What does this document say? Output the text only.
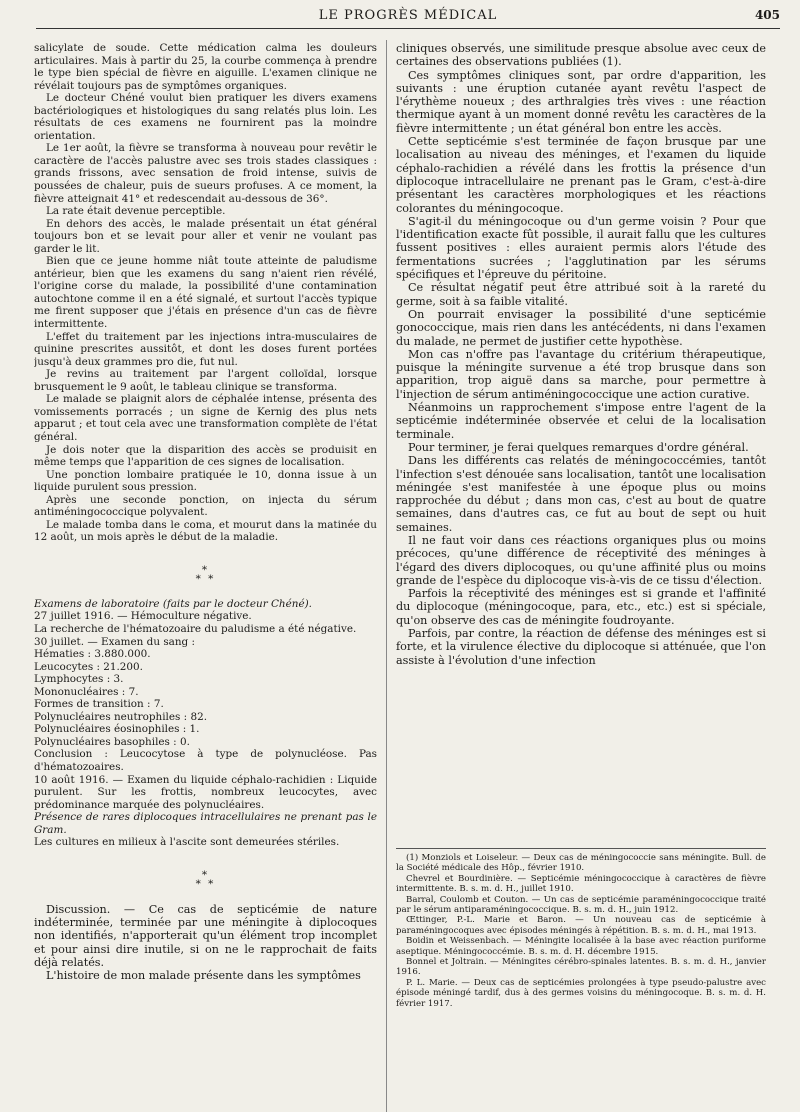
LE PROGRÈS MÉDICAL	405

salicylate de soude. Cette médication calma les douleurs articulaires. Mais à partir du 25, la courbe commença à prendre le type bien spécial de fièvre en aiguille. L'examen clinique ne révélait toujours pas de symptômes organiques.

Le docteur Chéné voulut bien pratiquer les divers examens bactériologiques et histologiques du sang relatés plus loin. Les résultats de ces examens ne fournirent pas la moindre orientation.

Le 1er août, la fièvre se transforma à nouveau pour revêtir le caractère de l'accès palustre avec ses trois stades classiques : grands frissons, avec sensation de froid intense, suivis de poussées de chaleur, puis de sueurs profuses. A ce moment, la fièvre atteignait 41° et redescendait au-dessous de 36°.

La rate était devenue perceptible.

En dehors des accès, le malade présentait un état général toujours bon et se levait pour aller et venir ne voulant pas garder le lit.

Bien que ce jeune homme niât toute atteinte de paludisme antérieur, bien que les examens du sang n'aient rien révélé, l'origine corse du malade, la possibilité d'une contamination autochtone comme il en a été signalé, et surtout l'accès typique me firent supposer que j'étais en présence d'un cas de fièvre intermittente.

L'effet du traitement par les injections intra-musculaires de quinine prescrites aussitôt, et dont les doses furent portées jusqu'à deux grammes pro die, fut nul.

Je revins au traitement par l'argent colloïdal, lorsque brusquement le 9 août, le tableau clinique se transforma.

Le malade se plaignit alors de céphalée intense, présenta des vomissements porracés ; un signe de Kernig des plus nets apparut ; et tout cela avec une transformation complète de l'état général.

Je dois noter que la disparition des accès se produisit en même temps que l'apparition de ces signes de localisation.

Une ponction lombaire pratiquée le 10, donna issue à un liquide purulent sous pression.

Après une seconde ponction, on injecta du sérum antiméningococcique polyvalent.

Le malade tomba dans le coma, et mourut dans la matinée du 12 août, un mois après le début de la maladie.

*
* *

Examens de laboratoire (faits par le docteur Chéné).

27 juillet 1916. — Hémoculture négative.

La recherche de l'hématozoaire du paludisme a été négative.

30 juillet. — Examen du sang :

Hématies : 3.880.000.

Leucocytes : 21.200.

Lymphocytes : 3.

Mononucléaires : 7.

Formes de transition : 7.

Polynucléaires neutrophiles : 82.

Polynucléaires éosinophiles : 1.

Polynucléaires basophiles : 0.

Conclusion : Leucocytose à type de polynucléose. Pas d'hématozoaires.

10 août 1916. — Examen du liquide céphalo-rachidien : Liquide purulent. Sur les frottis, nombreux leucocytes, avec prédominance marquée des polynucléaires.

Présence de rares diplocoques intracellulaires ne prenant pas le Gram.

Les cultures en milieux à l'ascite sont demeurées stériles.

*
* *

Discussion. — Ce cas de septicémie de nature indéterminée, terminée par une méningite à diplocoques non identifiés, n'apporterait qu'un élément trop incomplet et pour ainsi dire inutile, si on ne le rapprochait de faits déjà relatés.

L'histoire de mon malade présente dans les symptômes

cliniques observés, une similitude presque absolue avec ceux de certaines des observations publiées (1).

Ces symptômes cliniques sont, par ordre d'apparition, les suivants : une éruption cutanée ayant revêtu l'aspect de l'érythème noueux ; des arthralgies très vives : une réaction thermique ayant à un moment donné revêtu les caractères de la fièvre intermittente ; un état général bon entre les accès.

Cette septicémie s'est terminée de façon brusque par une localisation au niveau des méninges, et l'examen du liquide céphalo-rachidien a révélé dans les frottis la présence d'un diplocoque intracellulaire ne prenant pas le Gram, c'est-à-dire présentant les caractères morphologiques et les réactions colorantes du méningocoque.

S'agit-il du méningocoque ou d'un germe voisin ? Pour que l'identification exacte fût possible, il aurait fallu que les cultures fussent positives : elles auraient permis alors l'étude des fermentations sucrées ; l'agglutination par les sérums spécifiques et l'épreuve du péritoine.

Ce résultat négatif peut être attribué soit à la rareté du germe, soit à sa faible vitalité.

On pourrait envisager la possibilité d'une septicémie gonococcique, mais rien dans les antécédents, ni dans l'examen du malade, ne permet de justifier cette hypothèse.

Mon cas n'offre pas l'avantage du critérium thérapeutique, puisque la méningite survenue a été trop brusque dans son apparition, trop aiguë dans sa marche, pour permettre à l'injection de sérum antiméningococcique une action curative.

Néanmoins un rapprochement s'impose entre l'agent de la septicémie indéterminée observée et celui de la localisation terminale.

Pour terminer, je ferai quelques remarques d'ordre général.

Dans les différents cas relatés de méningococcémies, tantôt l'infection s'est dénouée sans localisation, tantôt une localisation méningée s'est manifestée à une époque plus ou moins rapprochée du début ; dans mon cas, c'est au bout de quatre semaines, dans d'autres cas, ce fut au bout de sept ou huit semaines.

Il ne faut voir dans ces réactions organiques plus ou moins précoces, qu'une différence de réceptivité des méninges à l'égard des divers diplocoques, ou qu'une affinité plus ou moins grande de l'espèce du diplocoque vis-à-vis de ce tissu d'élection.

Parfois la réceptivité des méninges est si grande et l'affinité du diplocoque (méningocoque, para, etc., etc.) est si spéciale, qu'on observe des cas de méningite foudroyante.

Parfois, par contre, la réaction de défense des méninges est si forte, et la virulence élective du diplocoque si atténuée, que l'on assiste à l'évolution d'une infection

(1) Monziols et Loiseleur. — Deux cas de méningococcie sans méningite. Bull. de la Société médicale des Hôp., février 1910.

Chevrel et Bourdinière. — Septicémie méningococcique à caractères de fièvre intermittente. B. s. m. d. H., juillet 1910.

Barral, Coulomb et Couton. — Un cas de septicémie paraméningococcique traité par le sérum antiparaméningococcique. B. s. m. d. H., juin 1912.

Œttinger, P.-L. Marie et Baron. — Un nouveau cas de septicémie à paraméningocoques avec épisodes méningés à répétition. B. s. m. d. H., mai 1913.

Boidin et Weissenbach. — Méningite localisée à la base avec réaction puriforme aseptique. Méningococcémie. B. s. m. d. H. décembre 1915.

Bonnel et Joltrain. — Méningites cérébro-spinales latentes. B. s. m. d. H., janvier 1916.

P. L. Marie. — Deux cas de septicémies prolongées à type pseudo-palustre avec épisode méningé tardif, dus à des germes voisins du méningocoque. B. s. m. d. H. février 1917.
